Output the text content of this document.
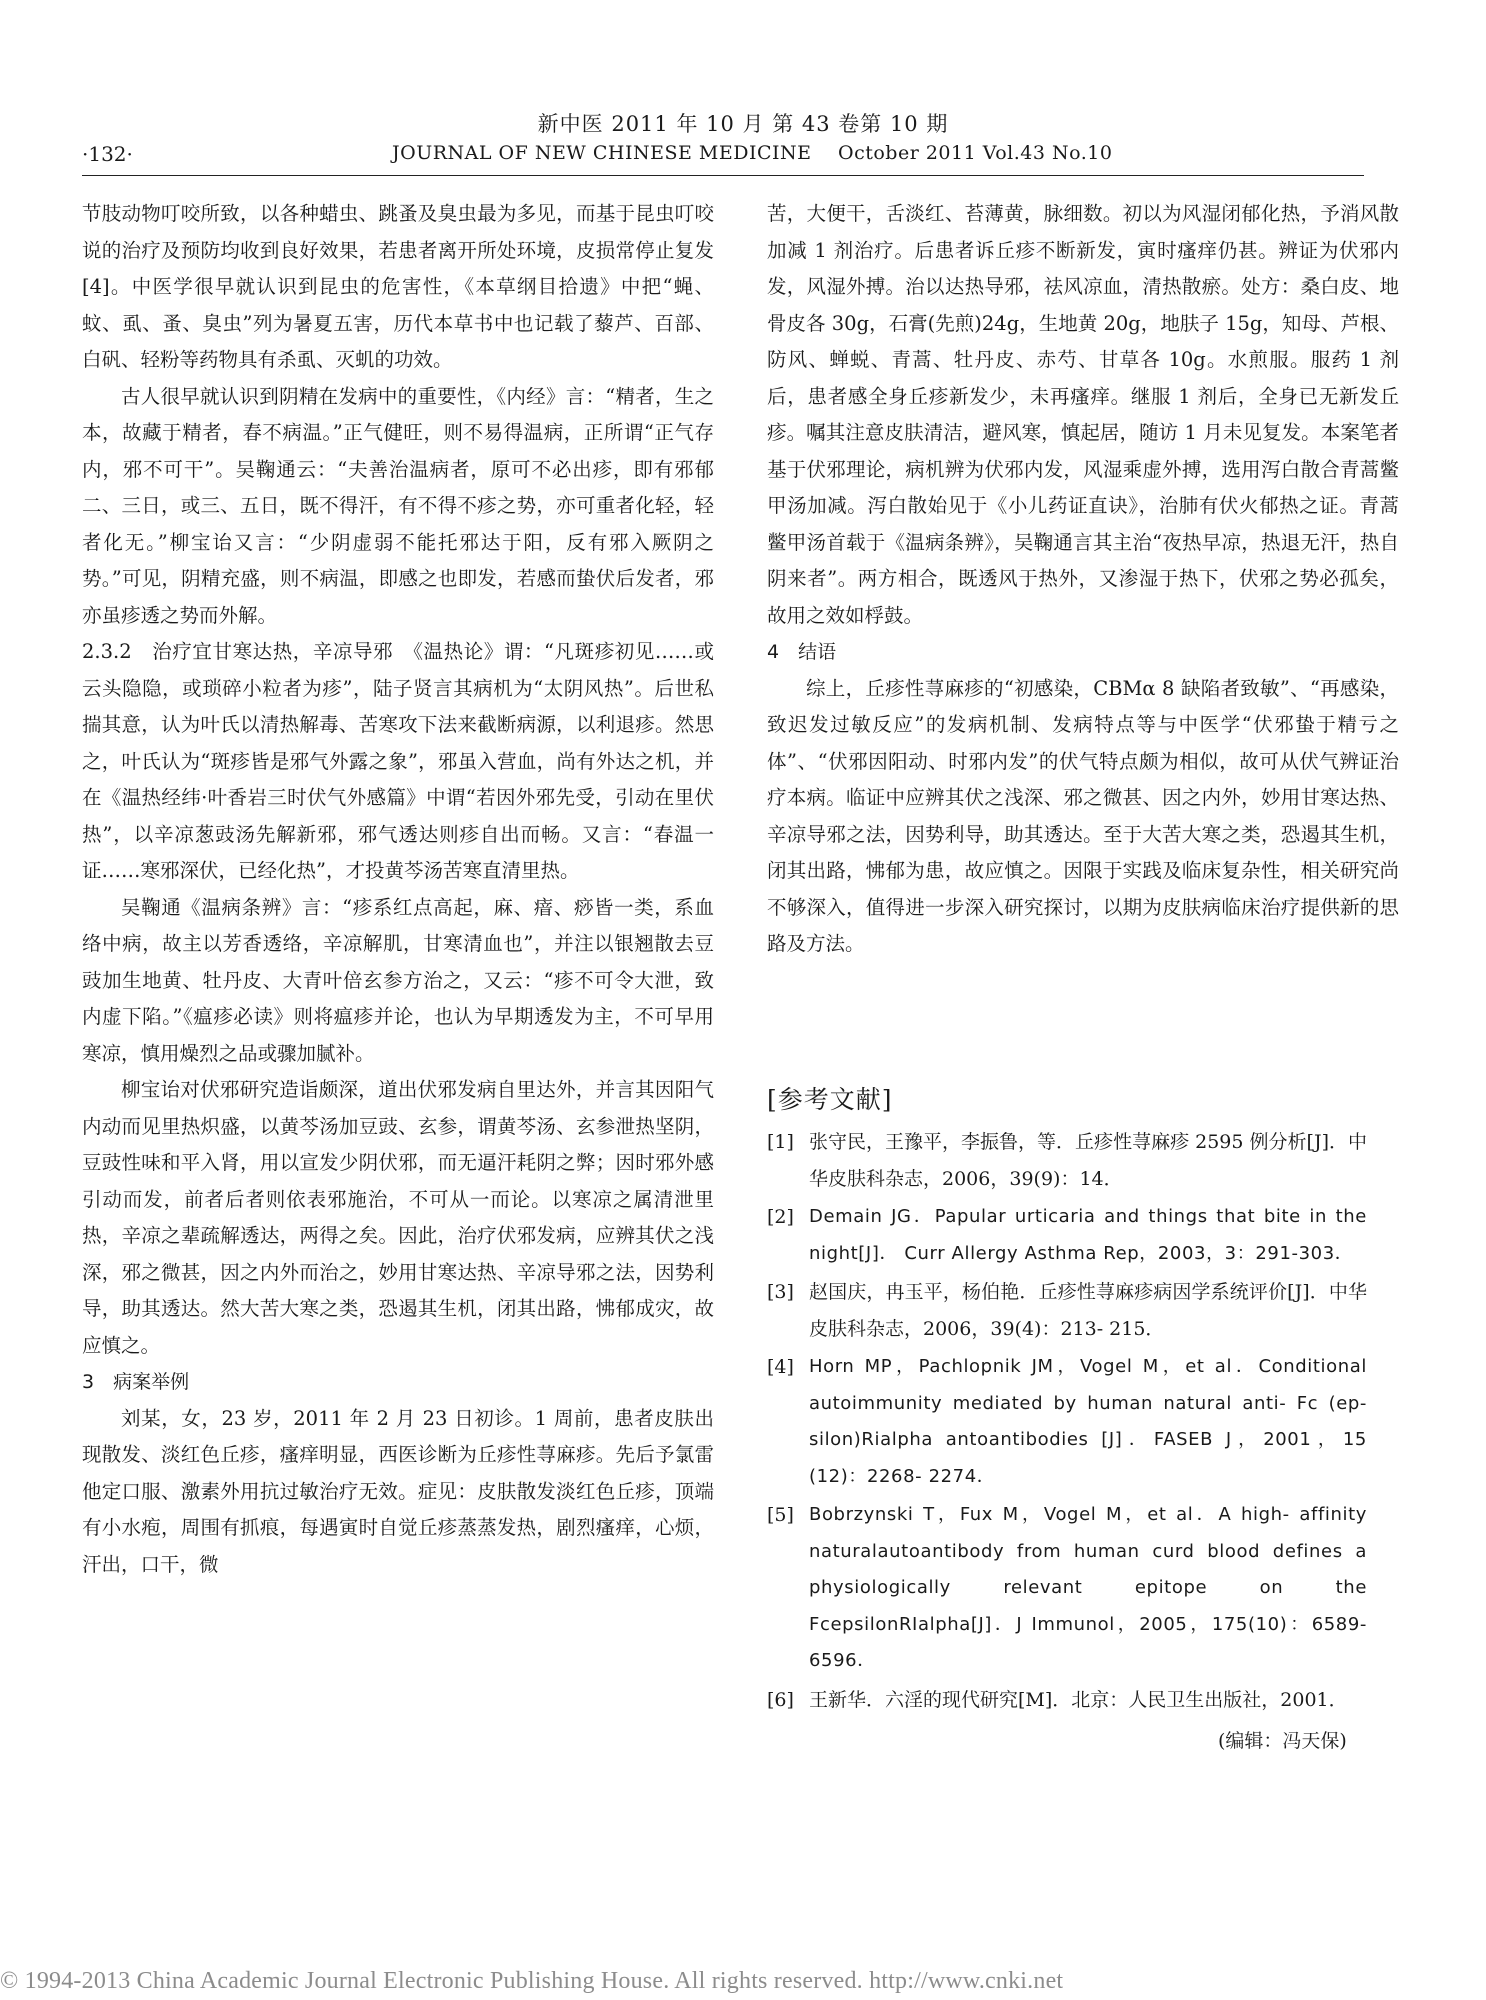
新中医 2011 年 10 月 第 43 卷第 10 期
·132·	JOURNAL OF NEW CHINESE MEDICINE October 2011 Vol.43 No.10

节肢动物叮咬所致，以各种蜡虫、跳蚤及臭虫最为多见，而基于昆虫叮咬说的治疗及预防均收到良好效果，若患者离开所处环境，皮损常停止复发[4]。中医学很早就认识到昆虫的危害性，《本草纲目拾遗》中把“蝇、蚊、虱、蚤、臭虫”列为暑夏五害，历代本草书中也记载了藜芦、百部、白矾、轻粉等药物具有杀虱、灭虮的功效。

古人很早就认识到阴精在发病中的重要性，《内经》言：“精者，生之本，故藏于精者，春不病温。”正气健旺，则不易得温病，正所谓“正气存内，邪不可干”。吴鞠通云：“夫善治温病者，原可不必出疹，即有邪郁二、三日，或三、五日，既不得汗，有不得不疹之势，亦可重者化轻，轻者化无。”柳宝诒又言：“少阴虚弱不能托邪达于阳，反有邪入厥阴之势。”可见，阴精充盛，则不病温，即感之也即发，若感而蛰伏后发者，邪亦虽疹透之势而外解。

2.3.2　治疗宜甘寒达热，辛凉导邪　《温热论》谓：“凡斑疹初见……或云头隐隐，或琐碎小粒者为疹”，陆子贤言其病机为“太阴风热”。后世私揣其意，认为叶氏以清热解毒、苦寒攻下法来截断病源，以利退疹。然思之，叶氏认为“斑疹皆是邪气外露之象”，邪虽入营血，尚有外达之机，并在《温热经纬·叶香岩三时伏气外感篇》中谓“若因外邪先受，引动在里伏热”，以辛凉葱豉汤先解新邪，邪气透达则疹自出而畅。又言：“春温一证……寒邪深伏，已经化热”，才投黄芩汤苦寒直清里热。

吴鞠通《温病条辨》言：“疹系红点高起，麻、瘖、痧皆一类，系血络中病，故主以芳香透络，辛凉解肌，甘寒清血也”，并注以银翘散去豆豉加生地黄、牡丹皮、大青叶倍玄参方治之，又云：“疹不可令大泄，致内虚下陷。”《瘟疹必读》则将瘟疹并论，也认为早期透发为主，不可早用寒凉，慎用燥烈之品或骤加腻补。

柳宝诒对伏邪研究造诣颇深，道出伏邪发病自里达外，并言其因阳气内动而见里热炽盛，以黄芩汤加豆豉、玄参，谓黄芩汤、玄参泄热坚阴，豆豉性味和平入肾，用以宣发少阴伏邪，而无逼汗耗阴之弊；因时邪外感引动而发，前者后者则依表邪施治，不可从一而论。以寒凉之属清泄里热，辛凉之辈疏解透达，两得之矣。因此，治疗伏邪发病，应辨其伏之浅深，邪之微甚，因之内外而治之，妙用甘寒达热、辛凉导邪之法，因势利导，助其透达。然大苦大寒之类，恐遏其生机，闭其出路，怫郁成灾，故应慎之。

3　病案举例

刘某，女，23 岁，2011 年 2 月 23 日初诊。1 周前，患者皮肤出现散发、淡红色丘疹，瘙痒明显，西医诊断为丘疹性荨麻疹。先后予氯雷他定口服、激素外用抗过敏治疗无效。症见：皮肤散发淡红色丘疹，顶端有小水疱，周围有抓痕，每遇寅时自觉丘疹蒸蒸发热，剧烈瘙痒，心烦，汗出，口干，微

苦，大便干，舌淡红、苔薄黄，脉细数。初以为风湿闭郁化热，予消风散加减 1 剂治疗。后患者诉丘疹不断新发，寅时瘙痒仍甚。辨证为伏邪内发，风湿外搏。治以达热导邪，祛风凉血，清热散瘀。处方：桑白皮、地骨皮各 30g，石膏(先煎)24g，生地黄 20g，地肤子 15g，知母、芦根、防风、蝉蜕、青蒿、牡丹皮、赤芍、甘草各 10g。水煎服。服药 1 剂后，患者感全身丘疹新发少，未再瘙痒。继服 1 剂后，全身已无新发丘疹。嘱其注意皮肤清洁，避风寒，慎起居，随访 1 月未见复发。本案笔者基于伏邪理论，病机辨为伏邪内发，风湿乘虚外搏，选用泻白散合青蒿鳖甲汤加减。泻白散始见于《小儿药证直诀》，治肺有伏火郁热之证。青蒿鳖甲汤首载于《温病条辨》，吴鞠通言其主治“夜热早凉，热退无汗，热自阴来者”。两方相合，既透风于热外，又渗湿于热下，伏邪之势必孤矣，故用之效如桴鼓。

4　结语

综上，丘疹性荨麻疹的“初感染，CBMα 8 缺陷者致敏”、“再感染，致迟发过敏反应”的发病机制、发病特点等与中医学“伏邪蛰于精亏之体”、“伏邪因阳动、时邪内发”的伏气特点颇为相似，故可从伏气辨证治疗本病。临证中应辨其伏之浅深、邪之微甚、因之内外，妙用甘寒达热、辛凉导邪之法，因势利导，助其透达。至于大苦大寒之类，恐遏其生机，闭其出路，怫郁为患，故应慎之。因限于实践及临床复杂性，相关研究尚不够深入，值得进一步深入研究探讨，以期为皮肤病临床治疗提供新的思路及方法。

[参考文献]
[1] 张守民，王豫平，李振鲁，等．丘疹性荨麻疹 2595 例分析[J]．中华皮肤科杂志，2006，39(9)：14．
[2] Demain JG．Papular urticaria and things that bite in the night[J]． Curr Allergy Asthma Rep，2003，3：291-303．
[3] 赵国庆，冉玉平，杨伯艳．丘疹性荨麻疹病因学系统评价[J]．中华皮肤科杂志，2006，39(4)：213- 215．
[4] Horn MP，Pachlopnik JM，Vogel M，et al．Conditional autoimmunity mediated by human natural anti- Fc (ep- silon)Rialpha antoantibodies [J]．FASEB J，2001，15 (12)：2268- 2274．
[5] Bobrzynski T，Fux M，Vogel M，et al．A high- affinity naturalautoantibody from human curd blood defines a physiologically relevant epitope on the FcepsilonRIalpha[J]．J Immunol，2005，175(10)：6589- 6596．
[6] 王新华．六淫的现代研究[M]．北京：人民卫生出版社，2001．
(编辑：冯天保)
© 1994-2013 China Academic Journal Electronic Publishing House. All rights reserved. http://www.cnki.net
